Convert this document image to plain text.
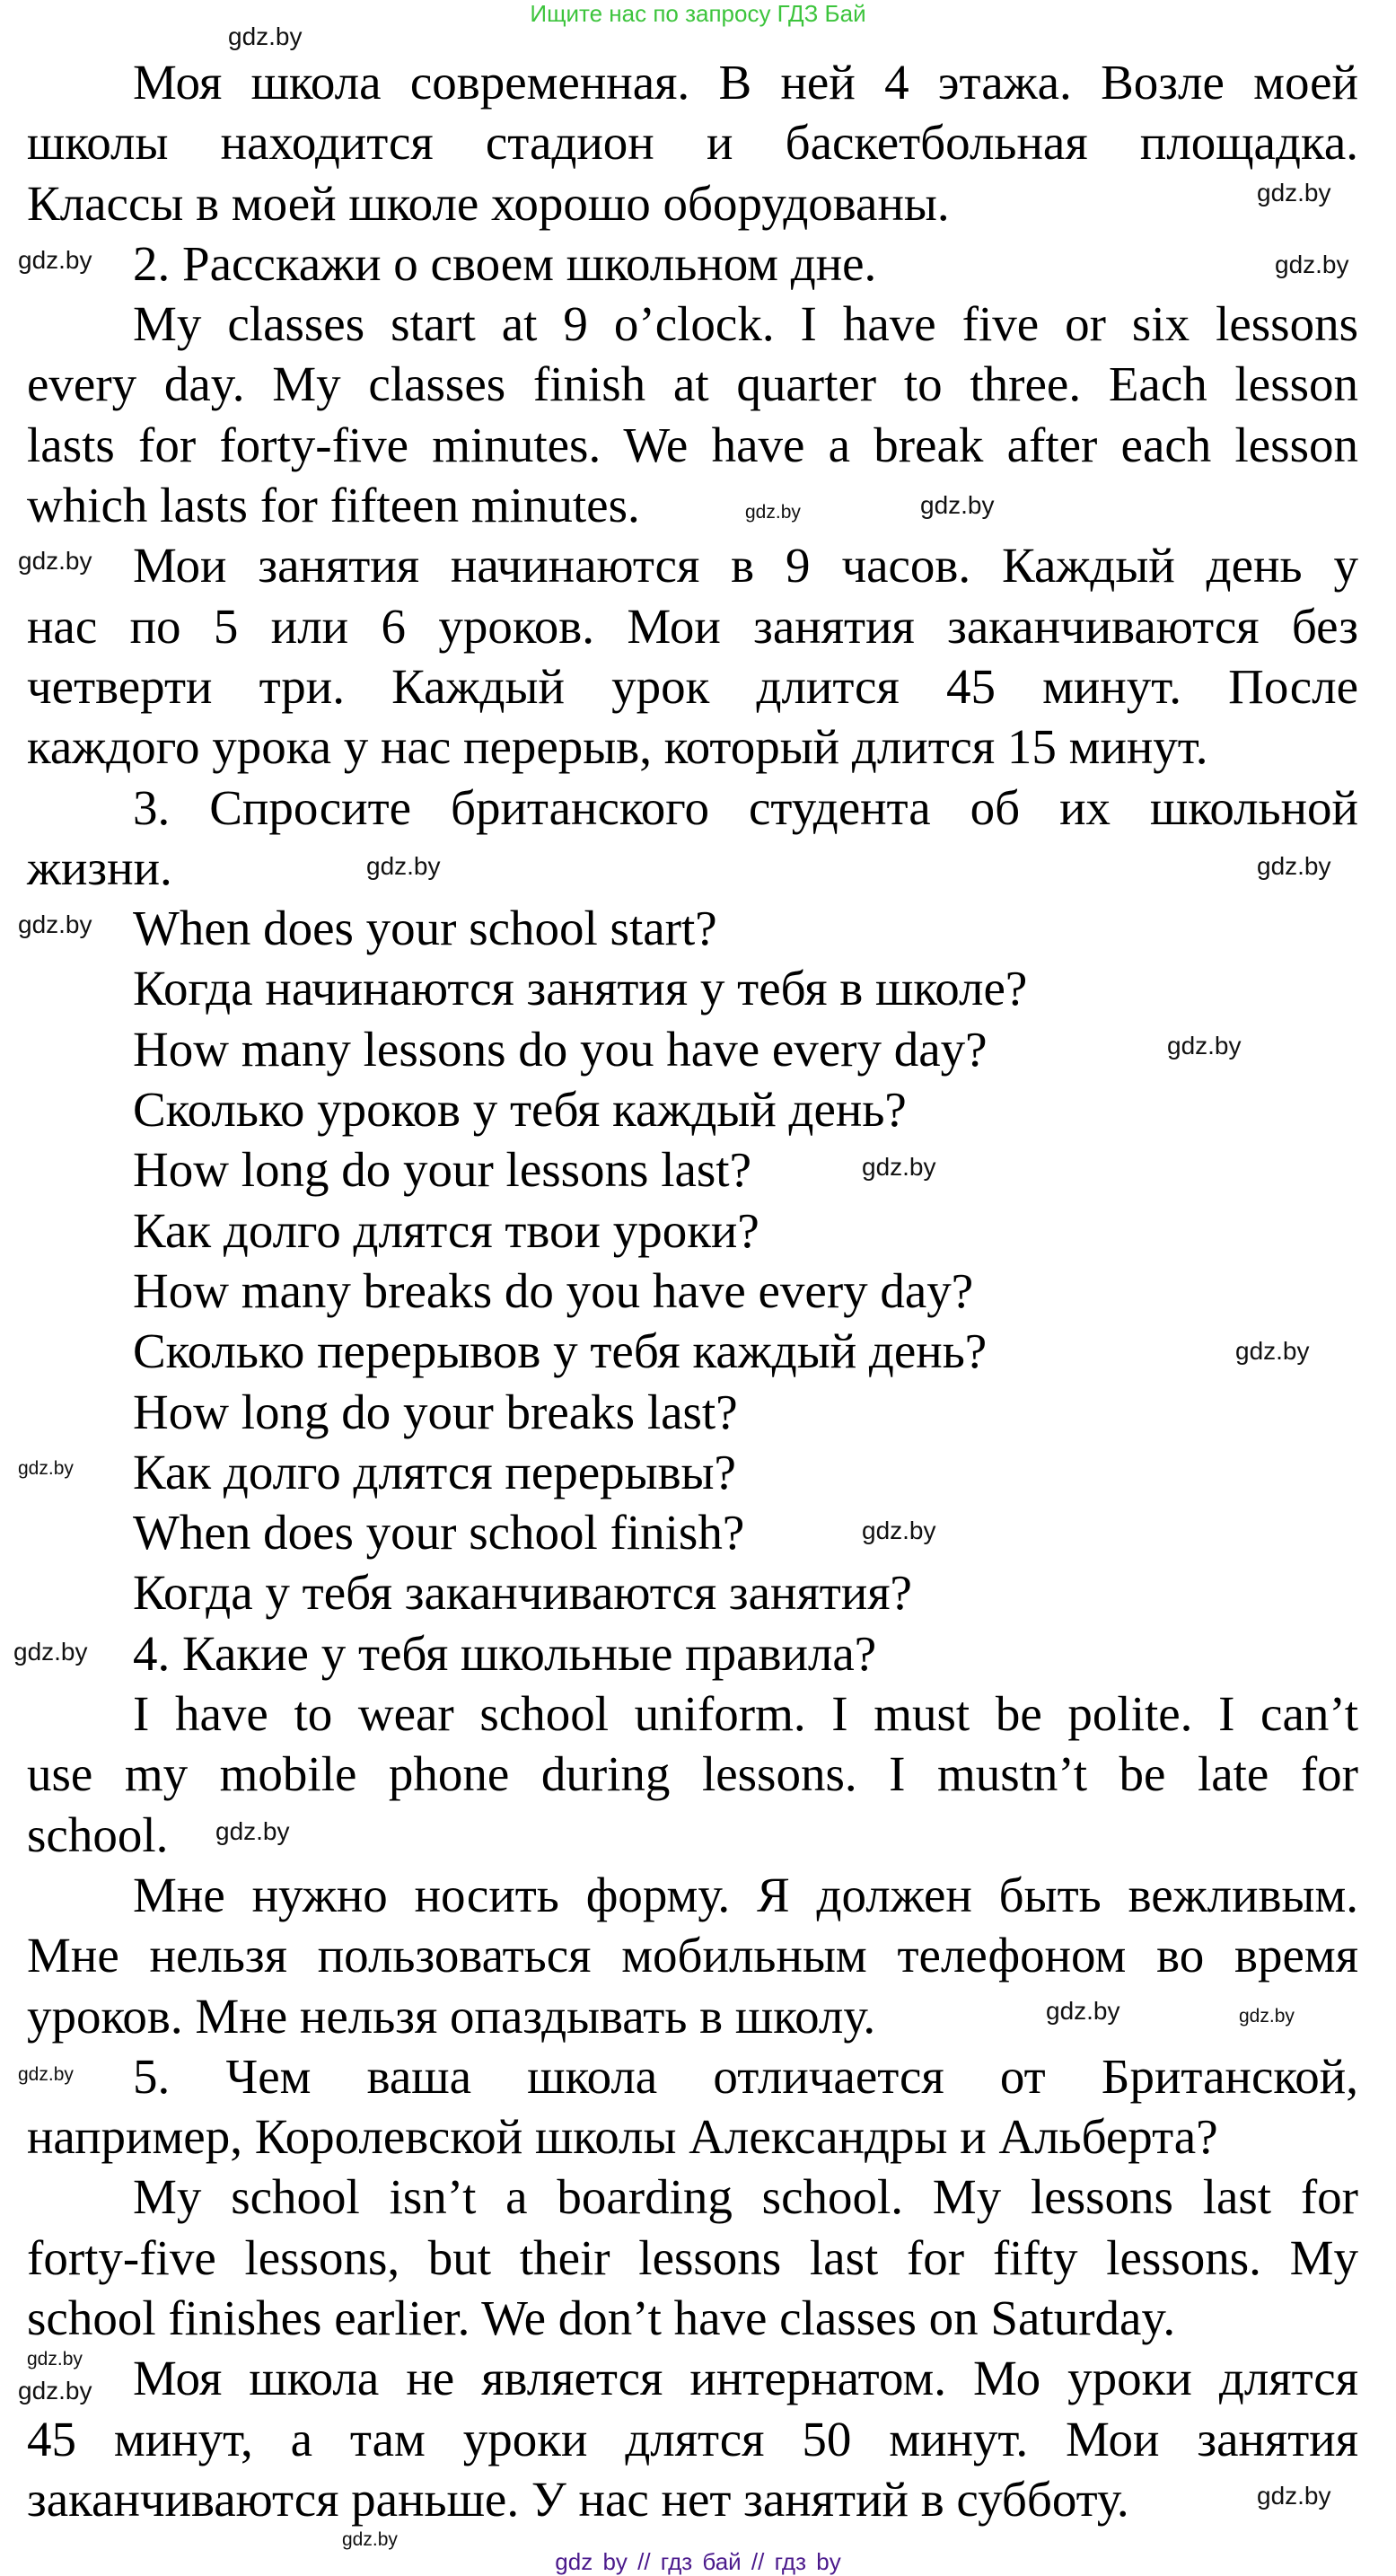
Ищите нас по запросу ГДЗ Бай
Моя школа современная. В ней 4 этажа. Возле моей
школы находится стадион и баскетбольная площадка.
Классы в моей школе хорошо оборудованы.
2. Расскажи о своем школьном дне.
My classes start at 9 o’clock. I have five or six lessons
every day. My classes finish at quarter to three. Each lesson
lasts for forty-five minutes. We have a break after each lesson
which lasts for fifteen minutes.
Мои занятия начинаются в 9 часов. Каждый день у
нас по 5 или 6 уроков. Мои занятия заканчиваются без
четверти три. Каждый урок длится 45 минут. После
каждого урока у нас перерыв, который длится 15 минут.
3. Спросите британского студента об их школьной
жизни.
When does your school start?
Когда начинаются занятия у тебя в школе?
How many lessons do you have every day?
Сколько уроков у тебя каждый день?
How long do your lessons last?
Как долго длятся твои уроки?
How many breaks do you have every day?
Сколько перерывов у тебя каждый день?
How long do your breaks last?
Как долго длятся перерывы?
When does your school finish?
Когда у тебя заканчиваются занятия?
4. Какие у тебя школьные правила?
I have to wear school uniform. I must be polite. I can’t
use my mobile phone during lessons. I mustn’t be late for
school.
Мне нужно носить форму. Я должен быть вежливым.
Мне нельзя пользоваться мобильным телефоном во время
уроков. Мне нельзя опаздывать в школу.
5. Чем ваша школа отличается от Британской,
например, Королевской школы Александры и Альберта?
My school isn’t a boarding school. My lessons last for
forty-five lessons, but their lessons last for fifty lessons. My
school finishes earlier. We don’t have classes on Saturday.
Моя школа не является интернатом. Мо уроки длятся
45 минут, а там уроки длятся 50 минут. Мои занятия
заканчиваются раньше. У нас нет занятий в субботу.
gdz.by
gdz.by
gdz.by	gdz.by
gdz.by
gdz.by
gdz.by
gdz.by
gdz.by
gdz.by
gdz.by
gdz.by
gdz.by
gdz.by
gdz.by
gdz.by
gdz.by
gdz.by
gdz.by
gdz.by
gdz.by
gdz.by
gdz.by
gdz.by
gdz by // гдз бай // гдз by
